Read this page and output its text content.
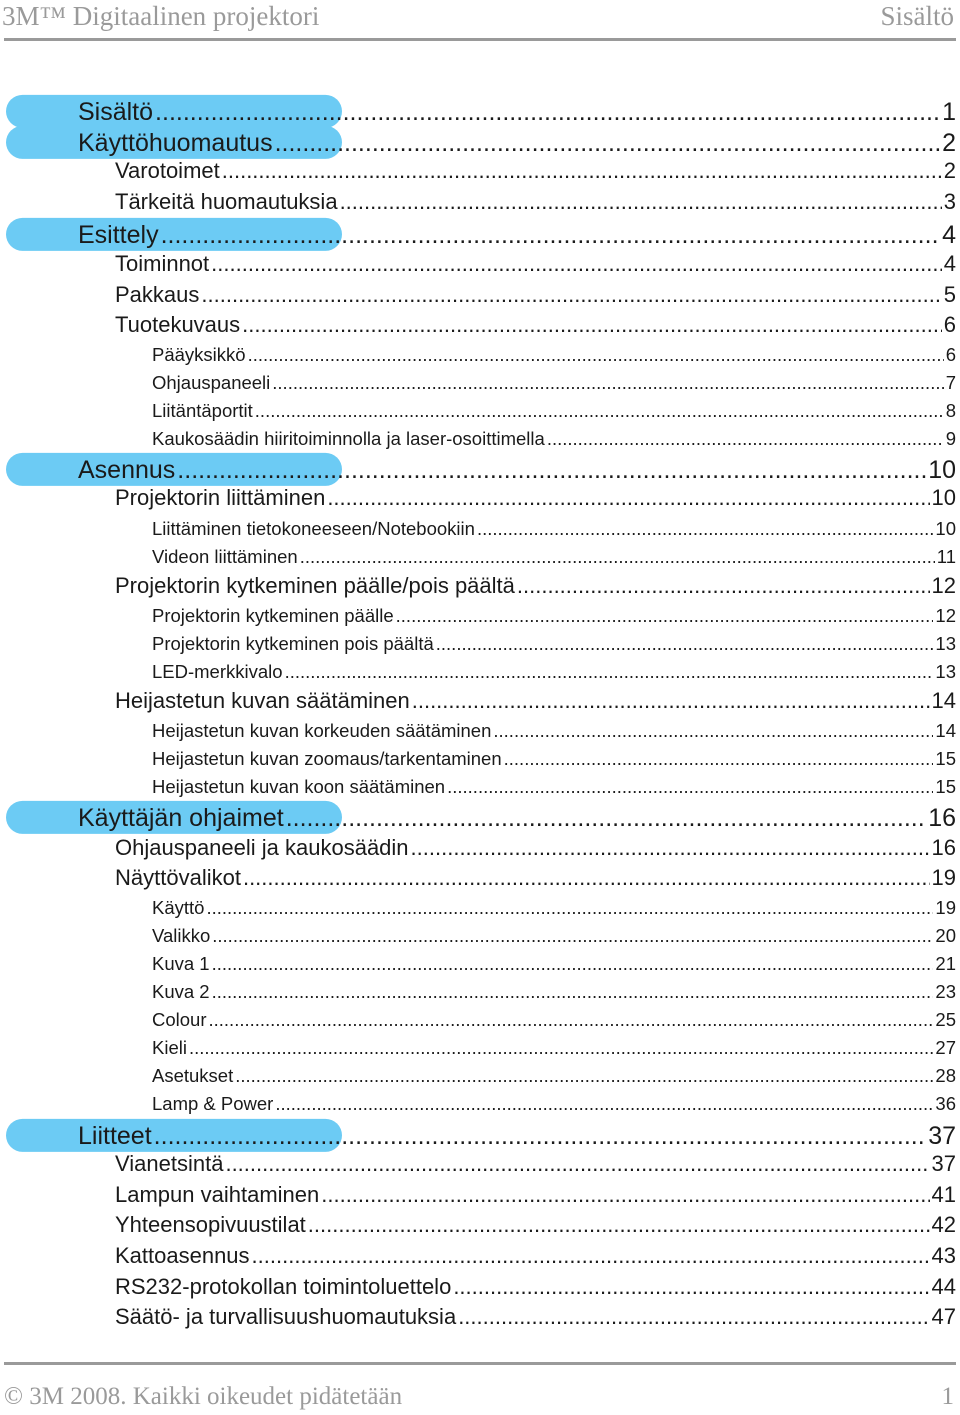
3M™ Digitaalinen projektori	Sisältö
Sisältö .....	1
Käyttöhuomautus .....	2
Varotoimet .....	2
Tärkeitä huomautuksia .....	3
Esittely .....	4
Toiminnot .....	4
Pakkaus .....	5
Tuotekuvaus .....	6
Pääyksikkö .....	6
Ohjauspaneeli .....	7
Liitäntäportit .....	8
Kaukosäädin hiiritoiminnolla ja laser-osoittimella .....	9
Asennus .....	10
Projektorin liittäminen .....	10
Liittäminen tietokoneeseen/Notebookiin .....	10
Videon liittäminen .....	11
Projektorin kytkeminen päälle/pois päältä .....	12
Projektorin kytkeminen päälle .....	12
Projektorin kytkeminen pois päältä .....	13
LED-merkkivalo .....	13
Heijastetun kuvan säätäminen .....	14
Heijastetun kuvan korkeuden säätäminen .....	14
Heijastetun kuvan zoomaus/tarkentaminen .....	15
Heijastetun kuvan koon säätäminen .....	15
Käyttäjän ohjaimet .....	16
Ohjauspaneeli ja kaukosäädin .....	16
Näyttövalikot .....	19
Käyttö .....	19
Valikko .....	20
Kuva 1 .....	21
Kuva 2 .....	23
Colour .....	25
Kieli .....	27
Asetukset .....	28
Lamp & Power .....	36
Liitteet .....	37
Vianetsintä .....	37
Lampun vaihtaminen .....	41
Yhteensopivuustilat .....	42
Kattoasennus .....	43
RS232-protokollan toimintoluettelo .....	44
Säätö- ja turvallisuushuomautuksia .....	47
© 3M 2008. Kaikki oikeudet pidätetään	1
